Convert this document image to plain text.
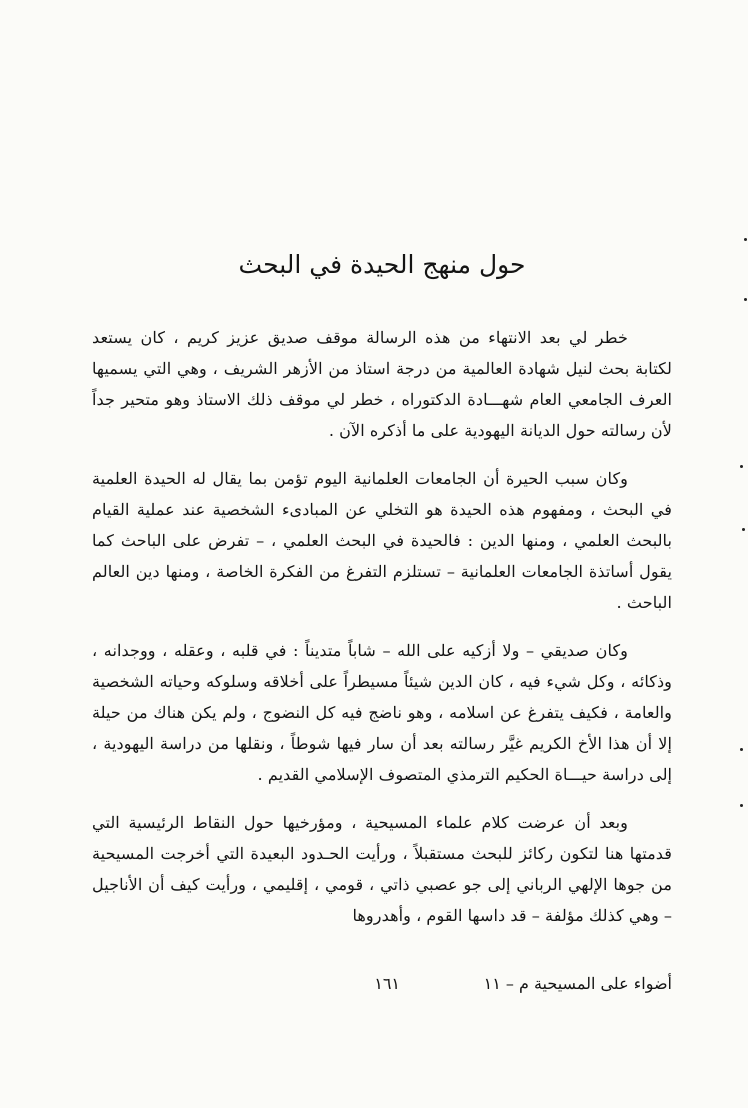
حول منهج الحيدة في البحث

خطر لي بعد الانتهاء من هذه الرسالة موقف صديق عزيز كريم ، كان يستعد لكتابة بحث لنيل شهادة العالمية من درجة استاذ من الأزهر الشريف ، وهي التي يسميها العرف الجامعي العام شهـــادة الدكتوراه ، خطر لي موقف ذلك الاستاذ وهو متحير جداً لأن رسالته حول الديانة اليهودية على ما أذكره الآن .

وكان سبب الحيرة أن الجامعات العلمانية اليوم تؤمن بما يقال له الحيدة العلمية في البحث ، ومفهوم هذه الحيدة هو التخلي عن المبادىء الشخصية عند عملية القيام بالبحث العلمي ، ومنها الدين : فالحيدة في البحث العلمي ، – تفرض على الباحث كما يقول أساتذة الجامعات العلمانية – تستلزم التفرغ من الفكرة الخاصة ، ومنها دين العالم الباحث .

وكان صديقي – ولا أزكيه على الله – شاباً متديناً : في قلبه ، وعقله ، ووجدانه ، وذكائه ، وكل شيء فيه ، كان الدين شيئاً مسيطراً على أخلاقه وسلوكه وحياته الشخصية والعامة ، فكيف يتفرغ عن اسلامه ، وهو ناضج فيه كل النضوج ، ولم يكن هناك من حيلة إلا أن هذا الأخ الكريم غيَّر رسالته بعد أن سار فيها شوطاً ، ونقلها من دراسة اليهودية ، إلى دراسة حيـــاة الحكيم الترمذي المتصوف الإسلامي القديم .

وبعد أن عرضت كلام علماء المسيحية ، ومؤرخيها حول النقاط الرئيسية التي قدمتها هنا لتكون ركائز للبحث مستقبلاً ، ورأيت الحـدود البعيدة التي أخرجت المسيحية من جوها الإلهي الرباني إلى جو عصبي ذاتي ، قومي ، إقليمي ، ورأيت كيف أن الأناجيل – وهي كذلك مؤلفة – قد داسها القوم ، وأهدروها

أضواء على المسيحية م – ١١
١٦١
